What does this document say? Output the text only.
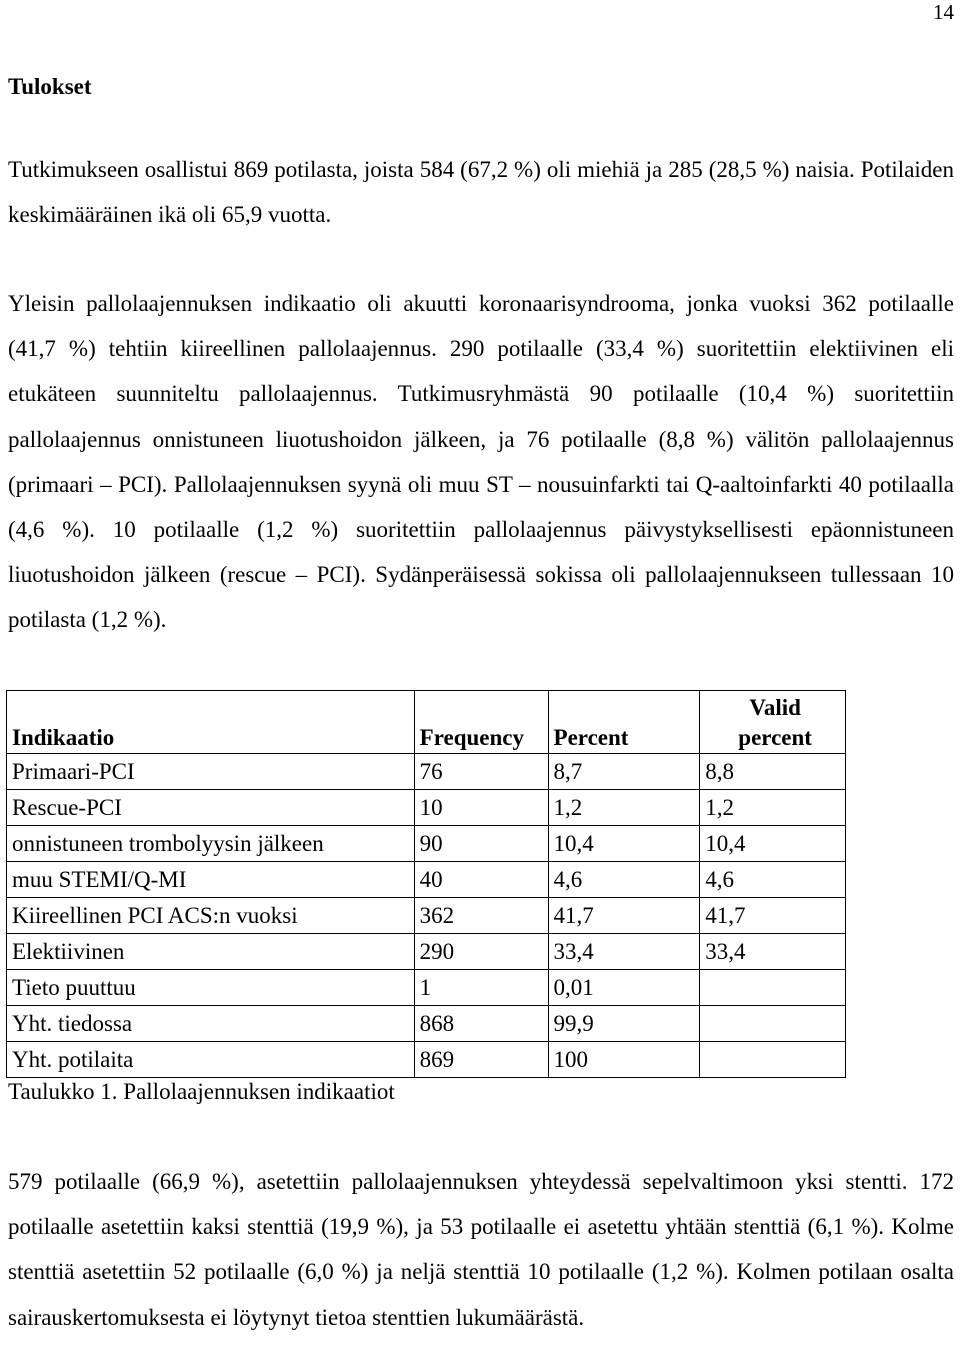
14
Tulokset

Tutkimukseen osallistui 869 potilasta, joista 584 (67,2 %) oli miehiä ja 285 (28,5 %) naisia. Potilaiden keskimääräinen ikä oli 65,9 vuotta.

Yleisin pallolaajennuksen indikaatio oli akuutti koronaarisyndrooma, jonka vuoksi 362 potilaalle (41,7 %) tehtiin kiireellinen pallolaajennus. 290 potilaalle (33,4 %) suoritettiin elektiivinen eli etukäteen suunniteltu pallolaajennus. Tutkimusryhmästä 90 potilaalle (10,4 %) suoritettiin pallolaajennus onnistuneen liuotushoidon jälkeen, ja 76 potilaalle (8,8 %) välitön pallolaajennus (primaari – PCI). Pallolaajennuksen syynä oli muu ST – nousuinfarkti tai Q-aaltoinfarkti 40 potilaalla (4,6 %). 10 potilaalle (1,2 %) suoritettiin pallolaajennus päivystyksellisesti epäonnistuneen liuotushoidon jälkeen (rescue – PCI). Sydänperäisessä sokissa oli pallolaajennukseen tullessaan 10 potilasta (1,2 %).

Indikaatio	Frequency	Percent	Valid
percent
Primaari-PCI	76	8,7	8,8
Rescue-PCI	10	1,2	1,2
onnistuneen trombolyysin jälkeen	90	10,4	10,4
muu STEMI/Q-MI	40	4,6	4,6
Kiireellinen PCI ACS:n vuoksi	362	41,7	41,7
Elektiivinen	290	33,4	33,4
Tieto puuttuu	1	0,01	
Yht. tiedossa	868	99,9	
Yht. potilaita	869	100	
Taulukko 1. Pallolaajennuksen indikaatiot

579 potilaalle (66,9 %), asetettiin pallolaajennuksen yhteydessä sepelvaltimoon yksi stentti. 172 potilaalle asetettiin kaksi stenttiä (19,9 %), ja 53 potilaalle ei asetettu yhtään stenttiä (6,1 %). Kolme stenttiä asetettiin 52 potilaalle (6,0 %) ja neljä stenttiä 10 potilaalle (1,2 %). Kolmen potilaan osalta sairauskertomuksesta ei löytynyt tietoa stenttien lukumäärästä.
